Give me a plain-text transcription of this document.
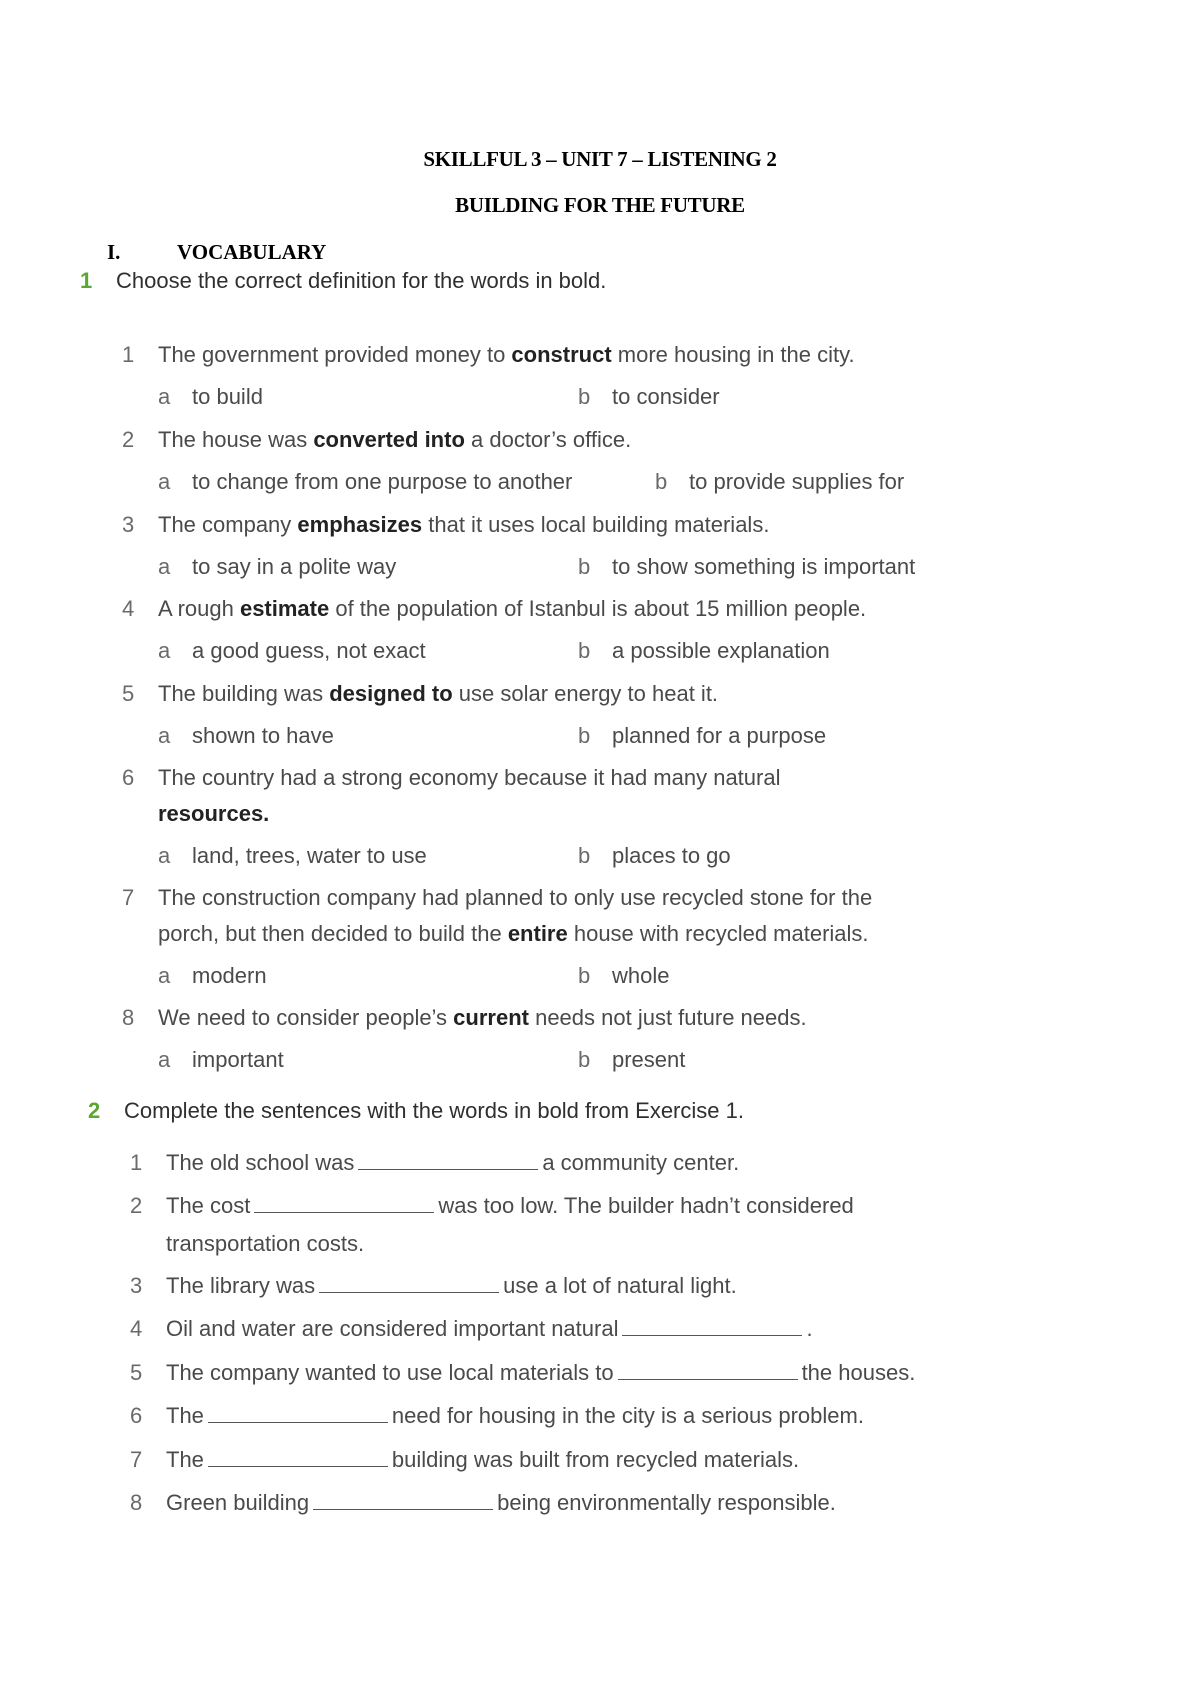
SKILLFUL 3 – UNIT 7 – LISTENING 2
BUILDING FOR THE FUTURE
I.	VOCABULARY
1 Choose the correct definition for the words in bold.
1 The government provided money to construct more housing in the city.
a to build	b to consider
2 The house was converted into a doctor’s office.
a to change from one purpose to another	b to provide supplies for
3 The company emphasizes that it uses local building materials.
a to say in a polite way	b to show something is important
4 A rough estimate of the population of Istanbul is about 15 million people.
a a good guess, not exact	b a possible explanation
5 The building was designed to use solar energy to heat it.
a shown to have	b planned for a purpose
6 The country had a strong economy because it had many natural
resources.
a land, trees, water to use	b places to go
7 The construction company had planned to only use recycled stone for the
porch, but then decided to build the entire house with recycled materials.
a modern	b whole
8 We need to consider people’s current needs not just future needs.
a important	b present
2 Complete the sentences with the words in bold from Exercise 1.
1 The old school was	a community center.
2 The cost	was too low. The builder hadn’t considered
transportation costs.
3 The library was	use a lot of natural light.
4 Oil and water are considered important natural	.
5 The company wanted to use local materials to	the houses.
6 The	need for housing in the city is a serious problem.
7 The	building was built from recycled materials.
8 Green building	being environmentally responsible.
